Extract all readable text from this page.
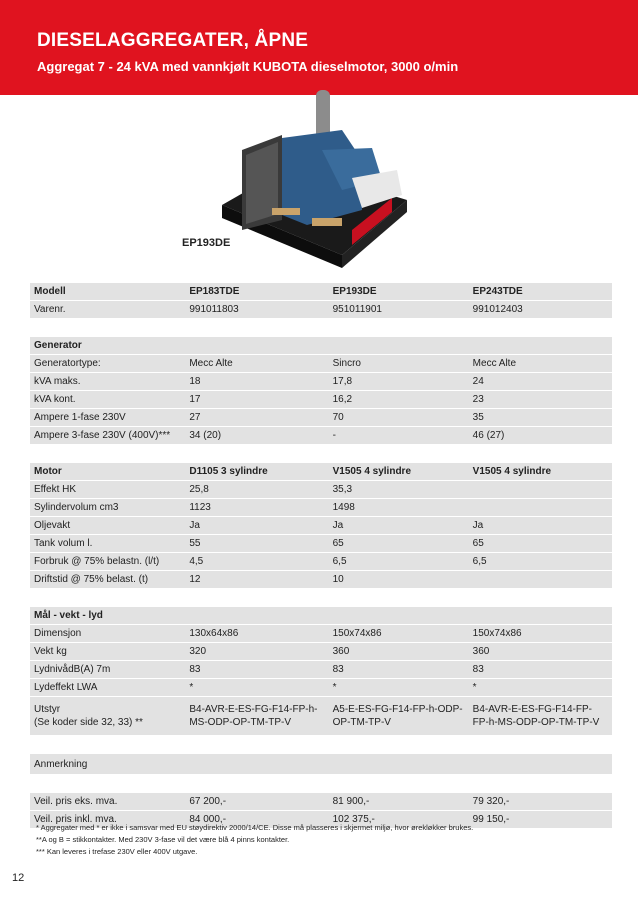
DIESELAGGREGATER, ÅPNE
Aggregat 7 - 24 kVA med vannkjølt KUBOTA dieselmotor, 3000 o/min
EP193DE
Modell	EP183TDE	EP193DE	EP243TDE
Varenr.	991011803	951011901	991012403

Generator			
Generatortype:	Mecc Alte	Sincro	Mecc Alte
kVA maks.	18	17,8	24
kVA kont.	17	16,2	23
Ampere 1-fase 230V	27	70	35
Ampere 3-fase 230V (400V)***	34 (20)	-	46 (27)

Motor	D1105 3 sylindre	V1505 4 sylindre	V1505 4 sylindre
Effekt HK	25,8	35,3	
Sylindervolum cm3	1123	1498	
Oljevakt	Ja	Ja	Ja
Tank volum l.	55	65	65
Forbruk @ 75% belastn. (l/t)	4,5	6,5	6,5
Driftstid @ 75% belast. (t)	12	10	

Mål - vekt - lyd			
Dimensjon	130x64x86	150x74x86	150x74x86
Vekt kg	320	360	360
LydnivådB(A) 7m	83	83	83
Lydeffekt LWA	*	*	*
Utstyr
(Se koder side 32, 33) **	B4-AVR-E-ES-FG-F14-FP-h-MS-ODP-OP-TM-TP-V	A5-E-ES-FG-F14-FP-h-ODP-OP-TM-TP-V	B4-AVR-E-ES-FG-F14-FP-FP-h-MS-ODP-OP-TM-TP-V

Anmerkning			

Veil. pris eks. mva.	67 200,-	81 900,-	79 320,-
Veil. pris inkl. mva.	84 000,-	102 375,-	99 150,-

* Aggregater med * er ikke i samsvar med EU støydirektiv 2000/14/CE. Disse må plasseres i skjermet miljø, hvor ørekløkker brukes.
**A og B = stikkontakter. Med 230V 3-fase vil det være blå 4 pinns kontakter.
*** Kan leveres i trefase 230V eller 400V utgave.
12
